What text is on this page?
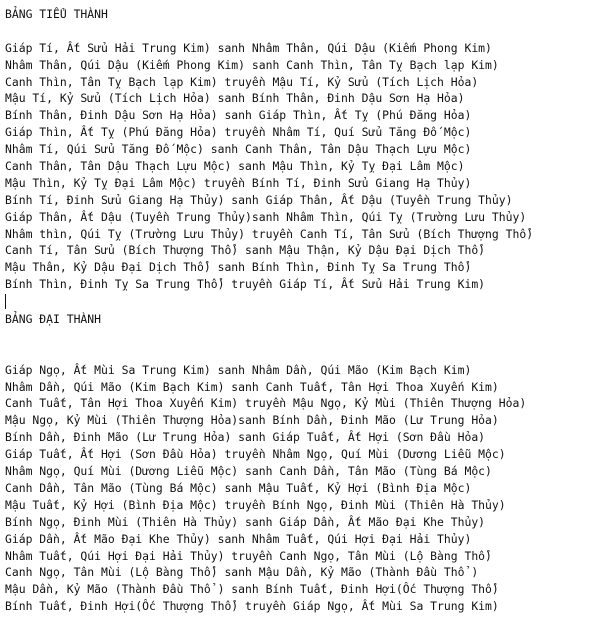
BẢNG TIỂU THÀNH
Giáp Tí, Ất Sửu Hải Trung Kim) sanh Nhâm Thân, Qúi Dậu (Kiếm Phong Kim)
Nhâm Thân, Qúi Dậu (Kiếm Phong Kim) sanh Canh Thìn, Tân Tỵ Bạch lạp Kim)
Canh Thìn, Tân Tỵ Bạch lạp Kim) truyền Mậu Tí, Kỷ Sửu (Tích Lịch Hỏa)
Mậu Tí, Kỷ Sửu (Tích Lịch Hỏa) sanh Bính Thân, Đinh Dậu Sơn Hạ Hỏa)
Bính Thân, Đinh Dậu Sơn Hạ Hỏa) sanh Giáp Thìn, Ất Tỵ (Phú Đăng Hỏa)
Giáp Thìn, Ất Tỵ (Phú Đăng Hỏa) truyền Nhâm Tí, Quí Sửu Tăng Đố Mộc)
Nhâm Tí, Qúi Sửu Tăng Đố Mộc) sanh Canh Thân, Tân Dậu Thạch Lựu Mộc)
Canh Thân, Tân Dậu Thạch Lựu Mộc) sanh Mậu Thìn, Kỷ Tỵ Đại Lâm Mộc)
Mậu Thìn, Kỷ Tỵ Đại Lâm Mộc) truyền Bính Tí, Đinh Sửu Giang Hạ Thủy)
Bính Tí, Đinh Sửu Giang Hạ Thủy) sanh Giáp Thân, Ất Dậu (Tuyền Trung Thủy)
Giáp Thân, Ất Dậu (Tuyền Trung Thủy)sanh Nhâm Thìn, Qúi Tỵ (Trường Lưu Thủy)
Nhâm thìn, Qúi Tỵ (Trường Lưu Thủy) truyền Canh Tí, Tân Sửu (Bích Thượng Thổ)
Canh Tí, Tân Sửu (Bích Thượng Thổ) sanh Mậu Thận, Kỷ Dậu Đại Dịch Thổ)
Mậu Thân, Kỷ Dậu Đại Dịch Thổ) sanh Bính Thìn, Đinh Tỵ Sa Trung Thổ)
Bính Thìn, Đinh Tỵ Sa Trung Thổ) truyền Giáp Tí, Ất Sửu Hải Trung Kim)
BẢNG ĐẠI THÀNH
Giáp Ngọ, Ất Mùi Sa Trung Kim) sanh Nhâm Dần, Qúi Mão (Kim Bạch Kim)
Nhâm Dần, Qúi Mão (Kim Bạch Kim) sanh Canh Tuất, Tân Hợi Thoa Xuyến Kim)
Canh Tuất, Tân Hợi Thoa Xuyến Kim) truyền Mậu Ngọ, Kỷ Mùi (Thiên Thượng Hỏa)
Mậu Ngọ, Kỷ Mùi (Thiên Thượng Hỏa)sanh Bính Dần, Đinh Mão (Lư Trung Hỏa)
Bính Dần, Đinh Mão (Lư Trung Hỏa) sanh Giáp Tuất, Ất Hợi (Sơn Đầu Hỏa)
Giáp Tuất, Ất Hợi (Sơn Đầu Hỏa) truyền Nhâm Ngọ, Quí Mùi (Dương Liễu Mộc)
Nhâm Ngọ, Quí Mùi (Dương Liễu Mộc) sanh Canh Dần, Tân Mão (Tùng Bá Mộc)
Canh Dần, Tân Mão (Tùng Bá Mộc) sanh Mậu Tuất, Kỷ Hợi (Bình Địa Mộc)
Mậu Tuất, Kỷ Hợi (Bình Địa Mộc) truyền Bính Ngọ, Đinh Mùi (Thiên Hà Thủy)
Bính Ngọ, Đinh Mùi (Thiên Hà Thủy) sanh Giáp Dần, Ất Mão Đại Khe Thủy)
Giáp Dần, Ất Mão Đại Khe Thủy) sanh Nhâm Tuất, Qúi Hợi Đại Hải Thủy)
Nhâm Tuất, Qúi Hợi Đại Hải Thủy) truyền Canh Ngọ, Tân Mùi (Lộ Bàng Thổ)
Canh Ngọ, Tân Mùi (Lộ Bàng Thổ) sanh Mậu Dần, Kỷ Mão (Thành Đầu Thổ )
Mậu Dần, Kỷ Mão (Thành Đầu Thổ ) sanh Bính Tuất, Đinh Hợi(Ốc Thượng Thổ)
Bính Tuất, Đinh Hợi(Ốc Thượng Thổ) truyền Giáp Ngọ, Ất Mùi Sa Trung Kim)
